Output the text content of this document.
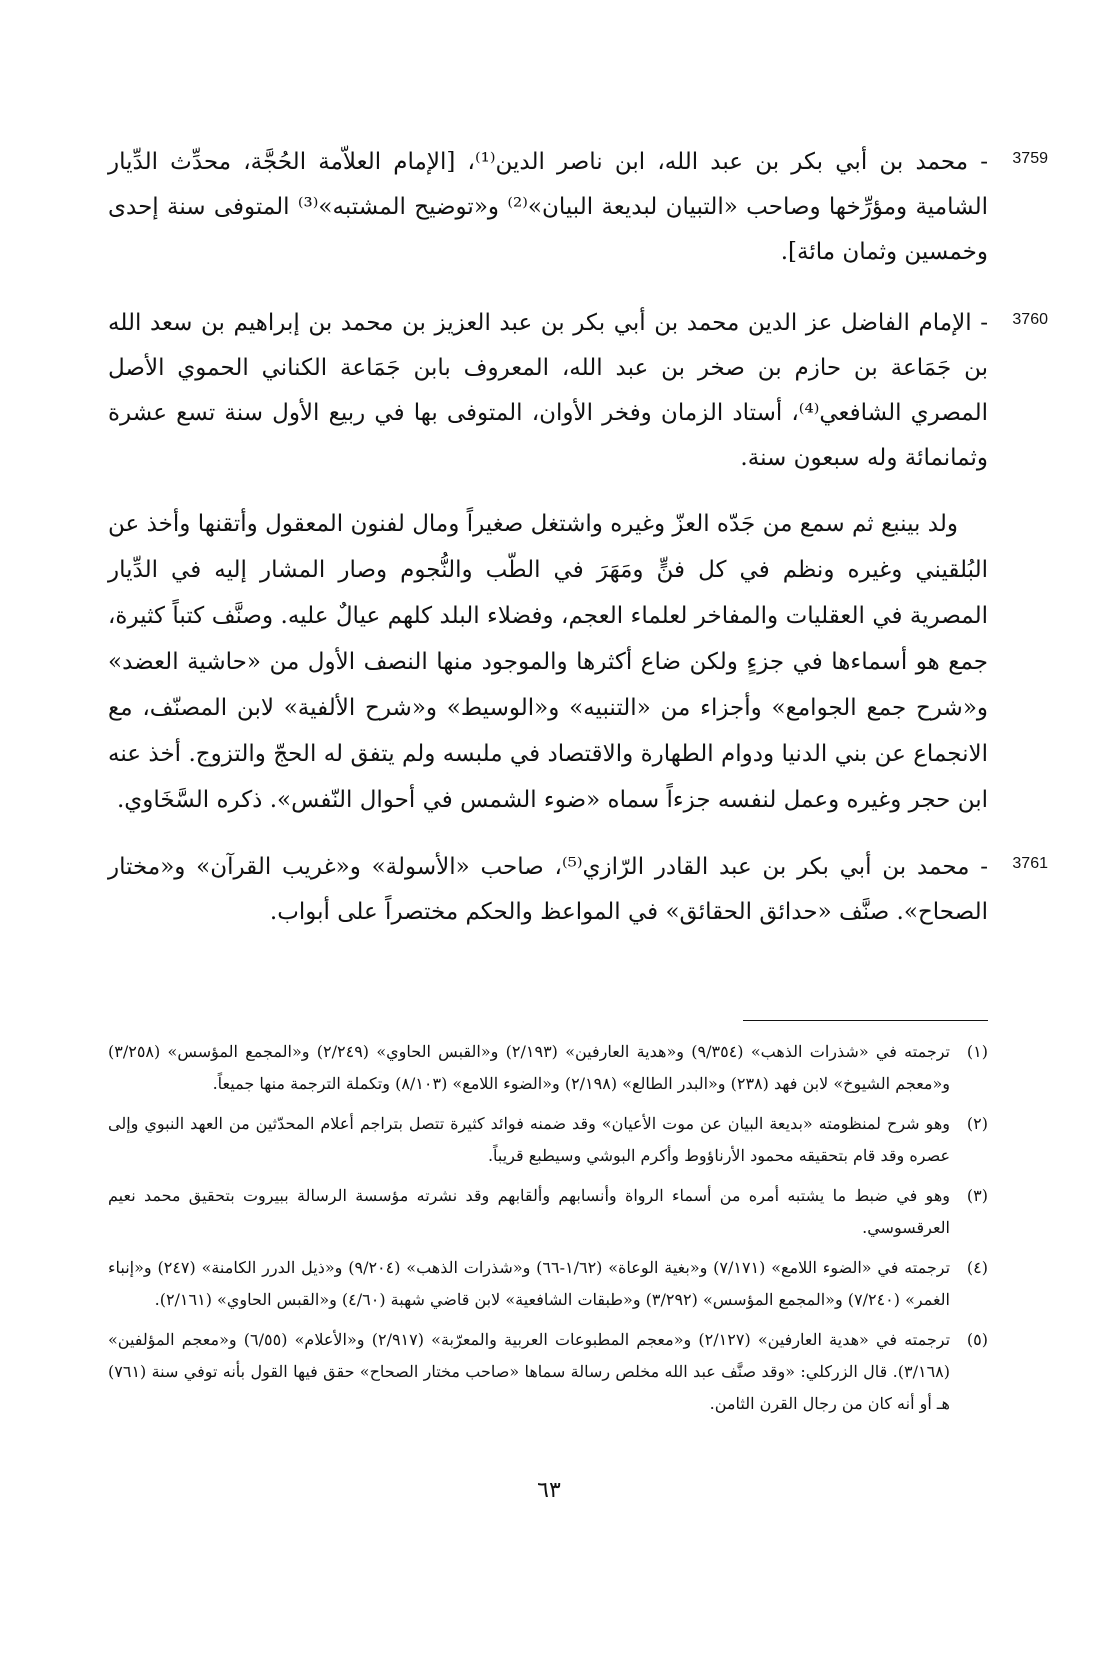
3759

- محمد بن أبي بكر بن عبد الله، ابن ناصر الدين⁽¹⁾، [الإمام العلاّمة الحُجَّة، محدِّث الدِّيار الشامية ومؤرِّخها وصاحب «التبيان لبديعة البيان»⁽²⁾ و«توضيح المشتبه»⁽³⁾ المتوفى سنة إحدى وخمسين وثمان مائة].

3760

- الإمام الفاضل عز الدين محمد بن أبي بكر بن عبد العزيز بن محمد بن إبراهيم بن سعد الله بن جَمَاعة بن حازم بن صخر بن عبد الله، المعروف بابن جَمَاعة الكناني الحموي الأصل المصري الشافعي⁽⁴⁾، أستاد الزمان وفخر الأوان، المتوفى بها في ربيع الأول سنة تسع عشرة وثمانمائة وله سبعون سنة.

ولد بينبع ثم سمع من جَدّه العزّ وغيره واشتغل صغيراً ومال لفنون المعقول وأتقنها وأخذ عن البُلقيني وغيره ونظم في كل فنٍّ ومَهَرَ في الطّب والنُّجوم وصار المشار إليه في الدِّيار المصرية في العقليات والمفاخر لعلماء العجم، وفضلاء البلد كلهم عيالٌ عليه. وصنَّف كتباً كثيرة، جمع هو أسماءها في جزءٍ ولكن ضاع أكثرها والموجود منها النصف الأول من «حاشية العضد» و«شرح جمع الجوامع» وأجزاء من «التنبيه» و«الوسيط» و«شرح الألفية» لابن المصنّف، مع الانجماع عن بني الدنيا ودوام الطهارة والاقتصاد في ملبسه ولم يتفق له الحجّ والتزوج. أخذ عنه ابن حجر وغيره وعمل لنفسه جزءاً سماه «ضوء الشمس في أحوال النّفس». ذكره السَّخَاوي.

3761

- محمد بن أبي بكر بن عبد القادر الرّازي⁽⁵⁾، صاحب «الأسولة» و«غريب القرآن» و«مختار الصحاح». صنَّف «حدائق الحقائق» في المواعظ والحكم مختصراً على أبواب.

(١)

ترجمته في «شذرات الذهب» (٩/٣٥٤) و«هدية العارفين» (٢/١٩٣) و«القبس الحاوي» (٢/٢٤٩) و«المجمع المؤسس» (٣/٢٥٨) و«معجم الشيوخ» لابن فهد (٢٣٨) و«البدر الطالع» (٢/١٩٨) و«الضوء اللامع» (٨/١٠٣) وتكملة الترجمة منها جميعاً.

(٢)

وهو شرح لمنظومته «بديعة البيان عن موت الأعيان» وقد ضمنه فوائد كثيرة تتصل بتراجم أعلام المحدّثين من العهد النبوي وإلى عصره وقد قام بتحقيقه محمود الأرناؤوط وأكرم البوشي وسيطبع قريباً.

(٣)

وهو في ضبط ما يشتبه أمره من أسماء الرواة وأنسابهم وألقابهم وقد نشرته مؤسسة الرسالة ببيروت بتحقيق محمد نعيم العرقسوسي.

(٤)

ترجمته في «الضوء اللامع» (٧/١٧١) و«بغية الوعاة» (١/٦٢-٦٦) و«شذرات الذهب» (٩/٢٠٤) و«ذيل الدرر الكامنة» (٢٤٧) و«إنباء الغمر» (٧/٢٤٠) و«المجمع المؤسس» (٣/٢٩٢) و«طبقات الشافعية» لابن قاضي شهبة (٤/٦٠) و«القبس الحاوي» (٢/١٦١).

(٥)

ترجمته في «هدية العارفين» (٢/١٢٧) و«معجم المطبوعات العربية والمعرّبة» (٢/٩١٧) و«الأعلام» (٦/٥٥) و«معجم المؤلفين» (٣/١٦٨). قال الزركلي: «وقد صنَّف عبد الله مخلص رسالة سماها «صاحب مختار الصحاح» حقق فيها القول بأنه توفي سنة (٧٦١) هـ أو أنه كان من رجال القرن الثامن.

٦٣
